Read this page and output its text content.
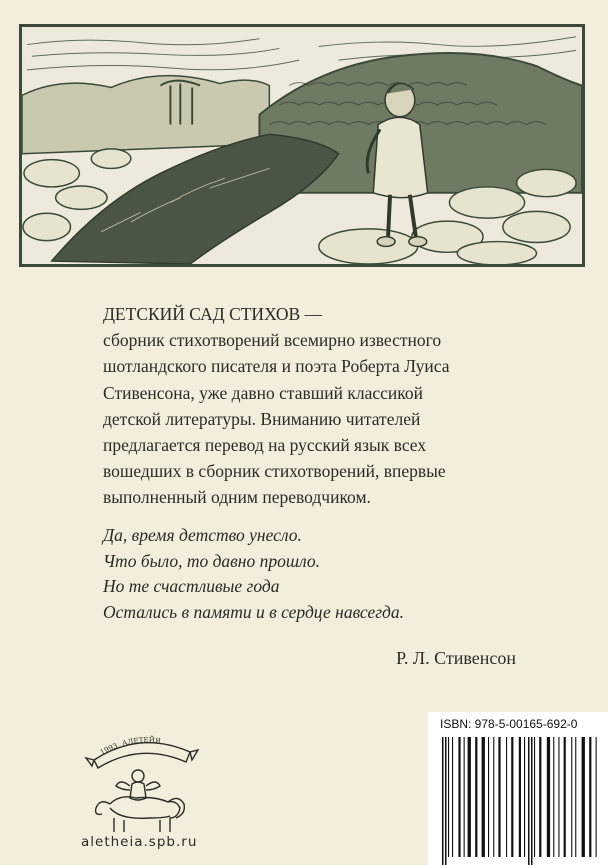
ДЕТСКИЙ САД СТИХОВ —
сборник стихотворений всемирно известного
шотландского писателя и поэта Роберта Луиса
Стивенсона, уже давно ставший классикой
детской литературы. Вниманию читателей
предлагается перевод на русский язык всех
вошедших в сборник стихотворений, впервые
выполненный одним переводчиком.
Да, время детство унесло.
Что было, то давно прошло.
Но те счастливые года
Остались в памяти и в сердце навсегда.
Р. Л. Стивенсон
1993 АЛЕТЕЙЯ
aletheia.spb.ru
ISBN: 978-5-00165-692-0
